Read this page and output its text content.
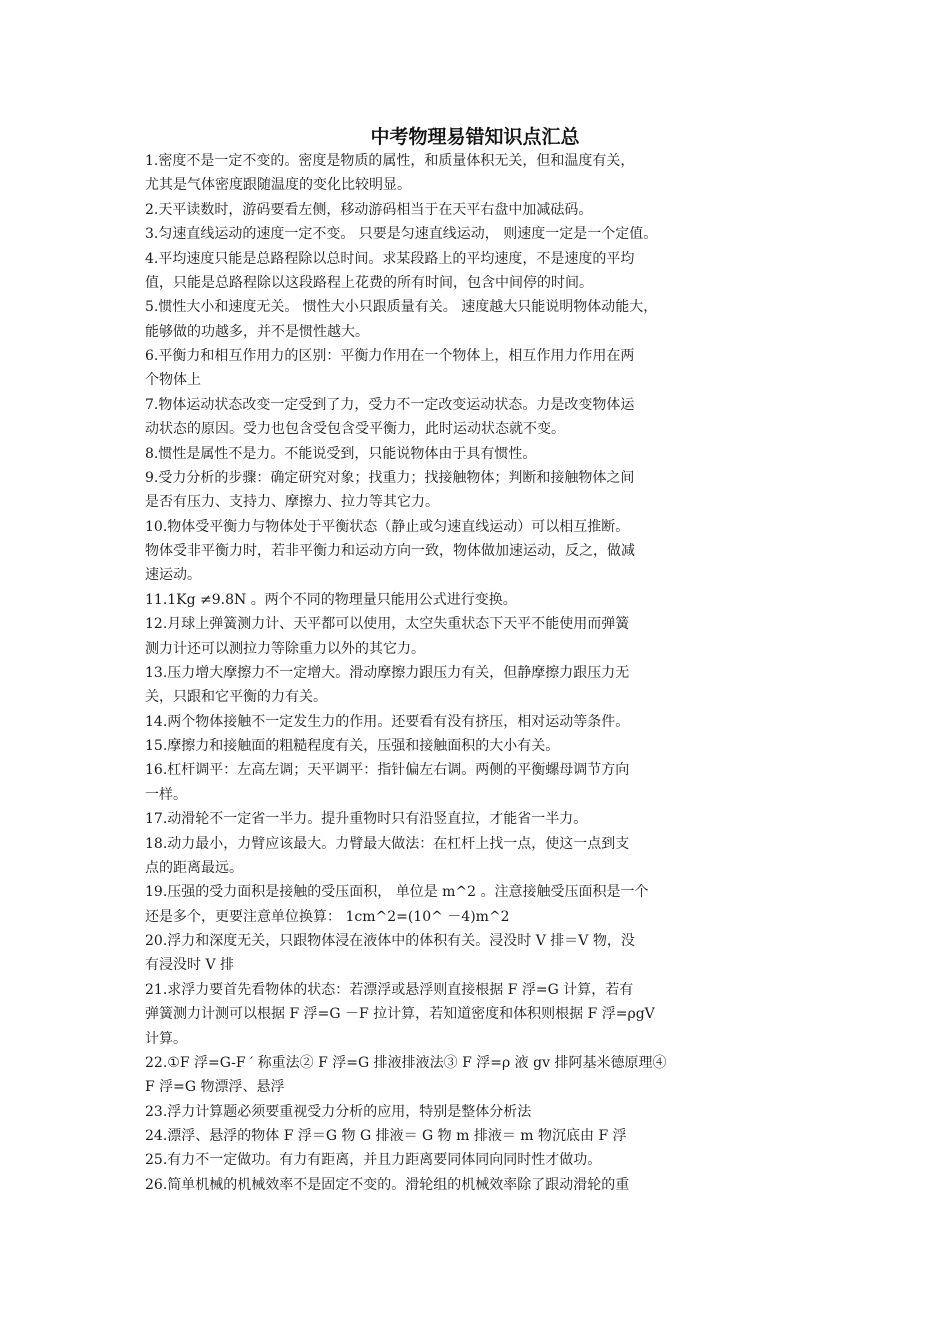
中考物理易错知识点汇总
1.密度不是一定不变的。密度是物质的属性，和质量体积无关，但和温度有关，
尤其是气体密度跟随温度的变化比较明显。
2.天平读数时，游码要看左侧，移动游码相当于在天平右盘中加减砝码。
3.匀速直线运动的速度一定不变。 只要是匀速直线运动， 则速度一定是一个定值。
4.平均速度只能是总路程除以总时间。求某段路上的平均速度，不是速度的平均
值，只能是总路程除以这段路程上花费的所有时间，包含中间停的时间。
5.惯性大小和速度无关。 惯性大小只跟质量有关。 速度越大只能说明物体动能大，
能够做的功越多，并不是惯性越大。
6.平衡力和相互作用力的区别：平衡力作用在一个物体上，相互作用力作用在两
个物体上
7.物体运动状态改变一定受到了力，受力不一定改变运动状态。力是改变物体运
动状态的原因。受力也包含受包含受平衡力，此时运动状态就不变。
8.惯性是属性不是力。不能说受到，只能说物体由于具有惯性。
9.受力分析的步骤：确定研究对象；找重力；找接触物体；判断和接触物体之间
是否有压力、支持力、摩擦力、拉力等其它力。
10.物体受平衡力与物体处于平衡状态（静止或匀速直线运动）可以相互推断。
物体受非平衡力时，若非平衡力和运动方向一致，物体做加速运动，反之，做减
速运动。
11.1Kg ≠9.8N 。两个不同的物理量只能用公式进行变换。
12.月球上弹簧测力计、天平都可以使用，太空失重状态下天平不能使用而弹簧
测力计还可以测拉力等除重力以外的其它力。
13.压力增大摩擦力不一定增大。滑动摩擦力跟压力有关，但静摩擦力跟压力无
关，只跟和它平衡的力有关。
14.两个物体接触不一定发生力的作用。还要看有没有挤压，相对运动等条件。
15.摩擦力和接触面的粗糙程度有关，压强和接触面积的大小有关。
16.杠杆调平：左高左调；天平调平：指针偏左右调。两侧的平衡螺母调节方向
一样。
17.动滑轮不一定省一半力。提升重物时只有沿竖直拉，才能省一半力。
18.动力最小，力臂应该最大。力臂最大做法：在杠杆上找一点，使这一点到支
点的距离最远。
19.压强的受力面积是接触的受压面积， 单位是 m^2 。注意接触受压面积是一个
还是多个，更要注意单位换算： 1cm^2=(10^ －4)m^2
20.浮力和深度无关，只跟物体浸在液体中的体积有关。浸没时 V 排＝V 物，没
有浸没时 V 排
21.求浮力要首先看物体的状态：若漂浮或悬浮则直接根据 F 浮=G 计算，若有
弹簧测力计测可以根据 F 浮=G －F 拉计算，若知道密度和体积则根据 F 浮=ρgV
计算。
22.①F 浮=G-F ′ 称重法② F 浮=G 排液排液法③ F 浮=ρ 液 gv 排阿基米德原理④
F 浮=G 物漂浮、悬浮
23.浮力计算题必须要重视受力分析的应用，特别是整体分析法
24.漂浮、悬浮的物体 F 浮＝G 物 G 排液＝ G 物 m 排液＝ m 物沉底由 F 浮
25.有力不一定做功。有力有距离，并且力距离要同体同向同时性才做功。
26.简单机械的机械效率不是固定不变的。滑轮组的机械效率除了跟动滑轮的重
